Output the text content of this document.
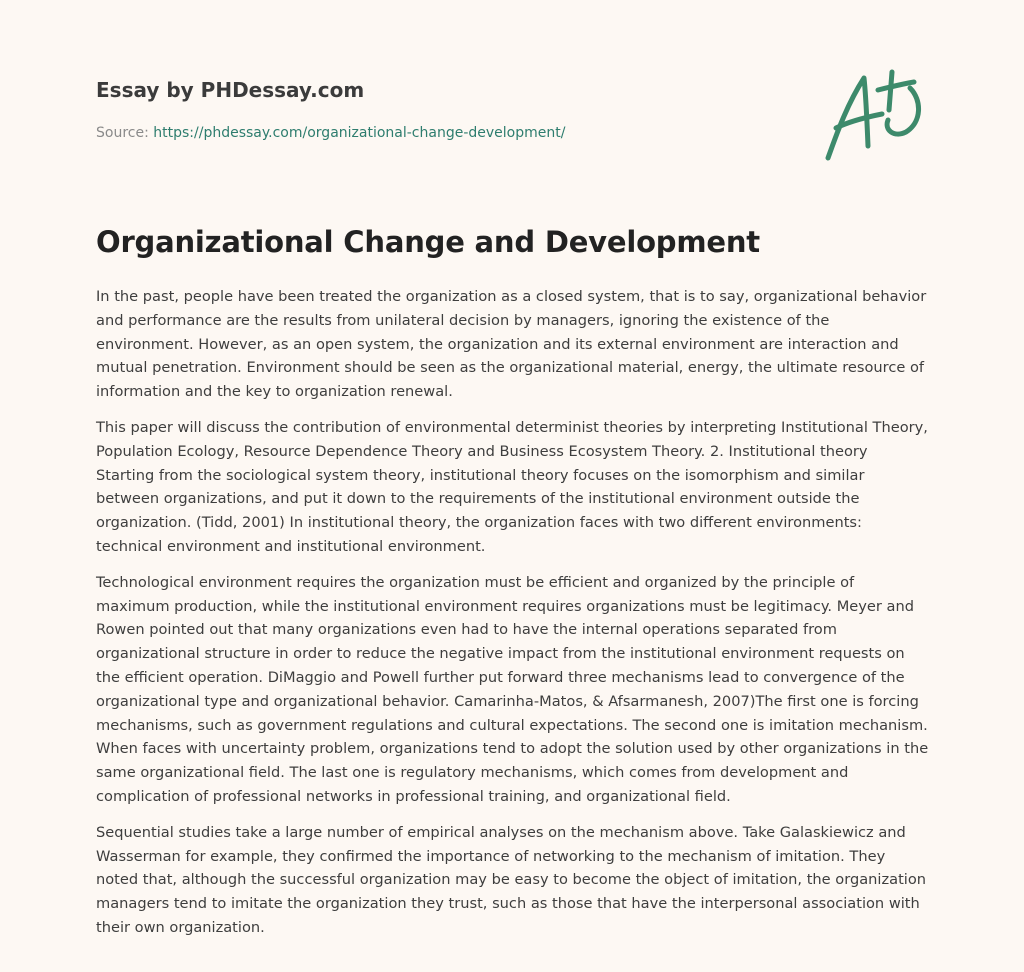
Essay by PHDessay.com
Source: https://phdessay.com/organizational-change-development/
Organizational Change and Development

In the past, people have been treated the organization as a closed system, that is to say, organizational behavior and performance are the results from unilateral decision by managers, ignoring the existence of the environment. However, as an open system, the organization and its external environment are interaction and mutual penetration. Environment should be seen as the organizational material, energy, the ultimate resource of information and the key to organization renewal.

This paper will discuss the contribution of environmental determinist theories by interpreting Institutional Theory, Population Ecology, Resource Dependence Theory and Business Ecosystem Theory. 2. Institutional theory Starting from the sociological system theory, institutional theory focuses on the isomorphism and similar between organizations, and put it down to the requirements of the institutional environment outside the organization. (Tidd, 2001) In institutional theory, the organization faces with two different environments: technical environment and institutional environment.

Technological environment requires the organization must be efficient and organized by the principle of maximum production, while the institutional environment requires organizations must be legitimacy. Meyer and Rowen pointed out that many organizations even had to have the internal operations separated from organizational structure in order to reduce the negative impact from the institutional environment requests on the efficient operation. DiMaggio and Powell further put forward three mechanisms lead to convergence of the organizational type and organizational behavior. Camarinha-Matos, & Afsarmanesh, 2007)The first one is forcing mechanisms, such as government regulations and cultural expectations. The second one is imitation mechanism. When faces with uncertainty problem, organizations tend to adopt the solution used by other organizations in the same organizational field. The last one is regulatory mechanisms, which comes from development and complication of professional networks in professional training, and organizational field.

Sequential studies take a large number of empirical analyses on the mechanism above. Take Galaskiewicz and Wasserman for example, they confirmed the importance of networking to the mechanism of imitation. They noted that, although the successful organization may be easy to become the object of imitation, the organization managers tend to imitate the organization they trust, such as those that have the interpersonal association with their own organization.
